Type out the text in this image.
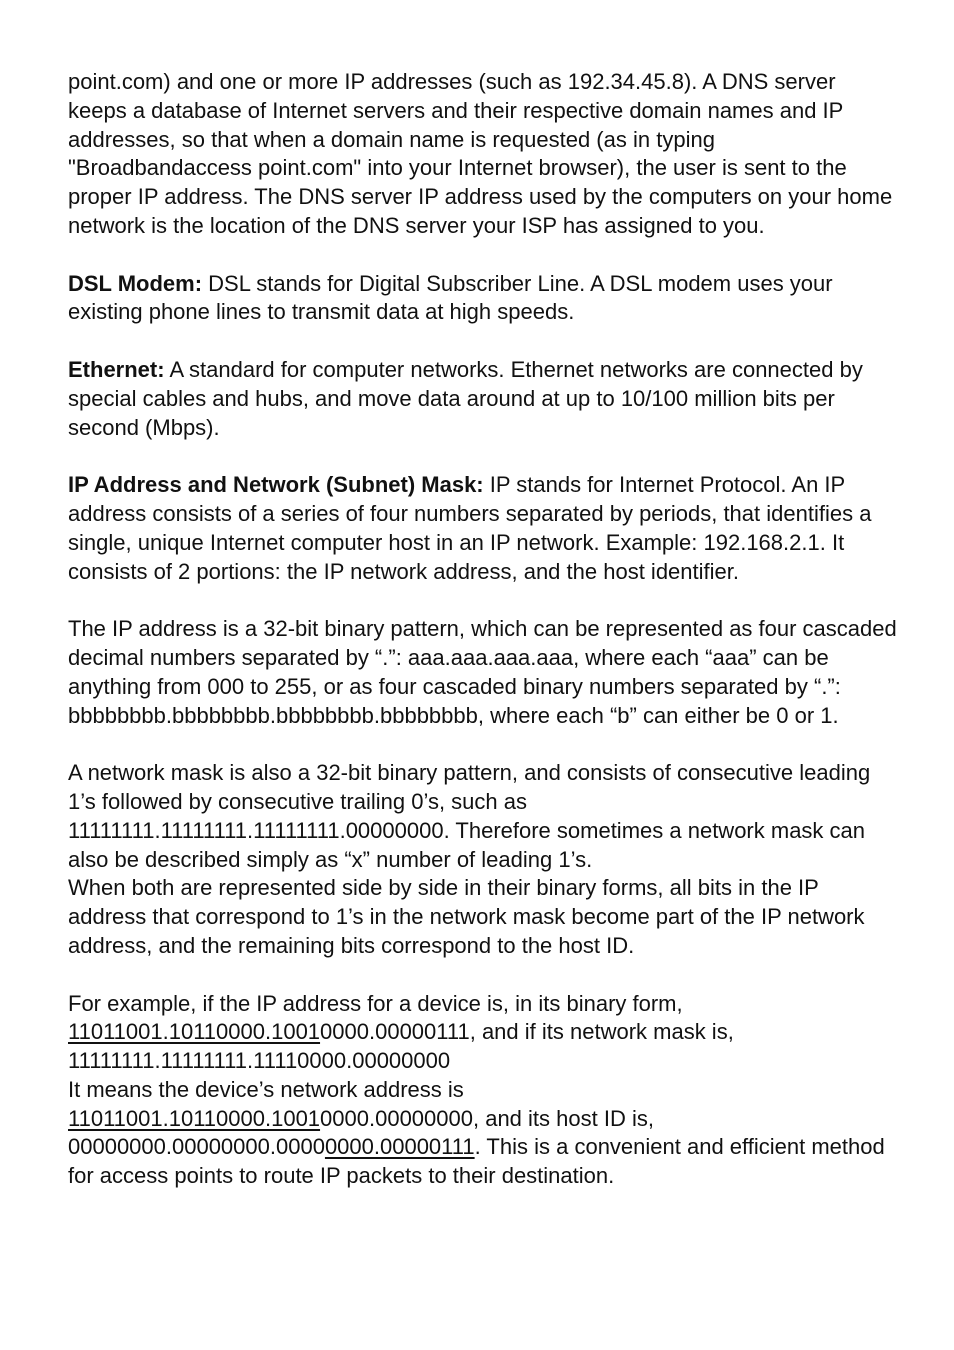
point.com) and one or more IP addresses (such as 192.34.45.8). A DNS server keeps a database of Internet servers and their respective domain names and IP addresses, so that when a domain name is requested (as in typing "Broadbandaccess point.com" into your Internet browser), the user is sent to the proper IP address. The DNS server IP address used by the computers on your home network is the location of the DNS server your ISP has assigned to you.

DSL Modem: DSL stands for Digital Subscriber Line. A DSL modem uses your existing phone lines to transmit data at high speeds.

Ethernet: A standard for computer networks. Ethernet networks are connected by special cables and hubs, and move data around at up to 10/100 million bits per second (Mbps).

IP Address and Network (Subnet) Mask: IP stands for Internet Protocol. An IP address consists of a series of four numbers separated by periods, that identifies a single, unique Internet computer host in an IP network. Example: 192.168.2.1. It consists of 2 portions: the IP network address, and the host identifier.

The IP address is a 32-bit binary pattern, which can be represented as four cascaded decimal numbers separated by “.”: aaa.aaa.aaa.aaa, where each “aaa” can be anything from 000 to 255, or as four cascaded binary numbers separated by “.”: bbbbbbbb.bbbbbbbb.bbbbbbbb.bbbbbbbb, where each “b” can either be 0 or 1.

A network mask is also a 32-bit binary pattern, and consists of consecutive leading 1’s followed by consecutive trailing 0’s, such as 11111111.11111111.11111111.00000000. Therefore sometimes a network mask can also be described simply as “x” number of leading 1’s.
When both are represented side by side in their binary forms, all bits in the IP address that correspond to 1’s in the network mask become part of the IP network address, and the remaining bits correspond to the host ID.

For example, if the IP address for a device is, in its binary form,
11011001.10110000.10010000.00000111, and if its network mask is,
11111111.11111111.11110000.00000000
It means the device’s network address is
11011001.10110000.10010000.00000000, and its host ID is,
00000000.00000000.00000000.00000111. This is a convenient and efficient method for access points to route IP packets to their destination.
